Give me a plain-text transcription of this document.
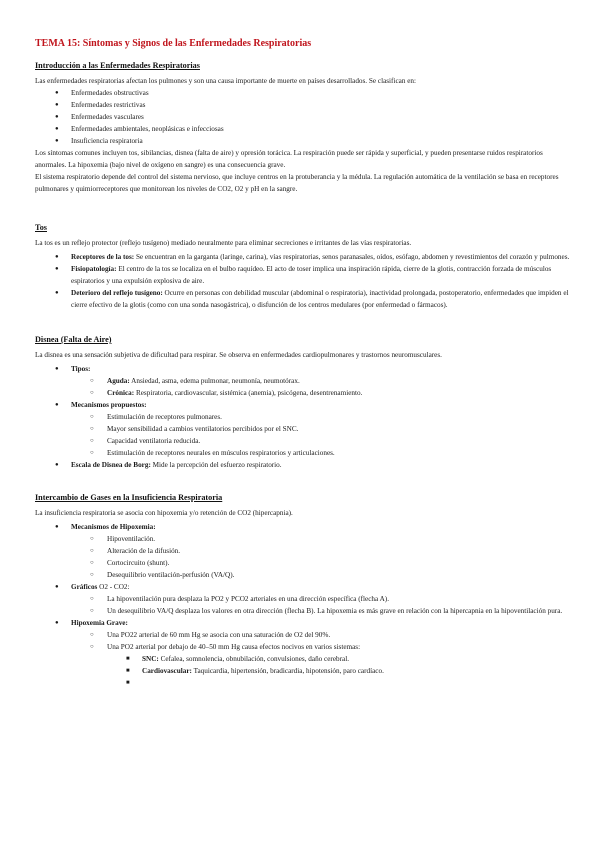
TEMA 15: Síntomas y Signos de las Enfermedades Respiratorias
Introducción a las Enfermedades Respiratorias

Las enfermedades respiratorias afectan los pulmones y son una causa importante de muerte en países desarrollados. Se clasifican en:

● Enfermedades obstructivas
● Enfermedades restrictivas
● Enfermedades vasculares
● Enfermedades ambientales, neoplásicas e infecciosas
● Insuficiencia respiratoria

Los síntomas comunes incluyen tos, sibilancias, disnea (falta de aire) y opresión torácica. La respiración puede ser rápida y superficial, y pueden presentarse ruidos respiratorios anormales. La hipoxemia (bajo nivel de oxígeno en sangre) es una consecuencia grave.

El sistema respiratorio depende del control del sistema nervioso, que incluye centros en la protuberancia y la médula. La regulación automática de la ventilación se basa en receptores pulmonares y quimiorreceptores que monitorean los niveles de CO2, O2 y pH en la sangre.

Tos

La tos es un reflejo protector (reflejo tusígeno) mediado neuralmente para eliminar secreciones e irritantes de las vías respiratorias.

● Receptores de la tos: Se encuentran en la garganta (laringe, carina), vías respiratorias, senos paranasales, oídos, esófago, abdomen y revestimientos del corazón y pulmones.
● Fisiopatología: El centro de la tos se localiza en el bulbo raquídeo. El acto de toser implica una inspiración rápida, cierre de la glotis, contracción forzada de músculos espiratorios y una expulsión explosiva de aire.
● Deterioro del reflejo tusígeno: Ocurre en personas con debilidad muscular (abdominal o respiratoria), inactividad prolongada, postoperatorio, enfermedades que impiden el cierre efectivo de la glotis (como con una sonda nasogástrica), o disfunción de los centros medulares (por enfermedad o fármacos).
Disnea (Falta de Aire)

La disnea es una sensación subjetiva de dificultad para respirar. Se observa en enfermedades cardiopulmonares y trastornos neuromusculares.

● Tipos:
○ Aguda: Ansiedad, asma, edema pulmonar, neumonía, neumotórax.
○ Crónica: Respiratoria, cardiovascular, sistémica (anemia), psicógena, desentrenamiento.
● Mecanismos propuestos:
○ Estimulación de receptores pulmonares.
○ Mayor sensibilidad a cambios ventilatorios percibidos por el SNC.
○ Capacidad ventilatoria reducida.
○ Estimulación de receptores neurales en músculos respiratorios y articulaciones.
● Escala de Disnea de Borg: Mide la percepción del esfuerzo respiratorio.
Intercambio de Gases en la Insuficiencia Respiratoria

La insuficiencia respiratoria se asocia con hipoxemia y/o retención de CO2 (hipercapnia).

● Mecanismos de Hipoxemia:
○ Hipoventilación.
○ Alteración de la difusión.
○ Cortocircuito (shunt).
○ Desequilibrio ventilación-perfusión (VA/Q).
● Gráficos O2 - CO2:
○ La hipoventilación pura desplaza la PO2 y PCO2 arteriales en una dirección específica (flecha A).
○ Un desequilibrio VA/Q desplaza los valores en otra dirección (flecha B). La hipoxemia es más grave en relación con la hipercapnia en la hipoventilación pura.
● Hipoxemia Grave:
○ Una PO22 arterial de 60 mm Hg se asocia con una saturación de O2 del 90%.
○ Una PO2 arterial por debajo de 40–50 mm Hg causa efectos nocivos en varios sistemas:
■ SNC: Cefalea, somnolencia, obnubilación, convulsiones, daño cerebral.
■ Cardiovascular: Taquicardia, hipertensión, bradicardia, hipotensión, paro cardíaco.
■
